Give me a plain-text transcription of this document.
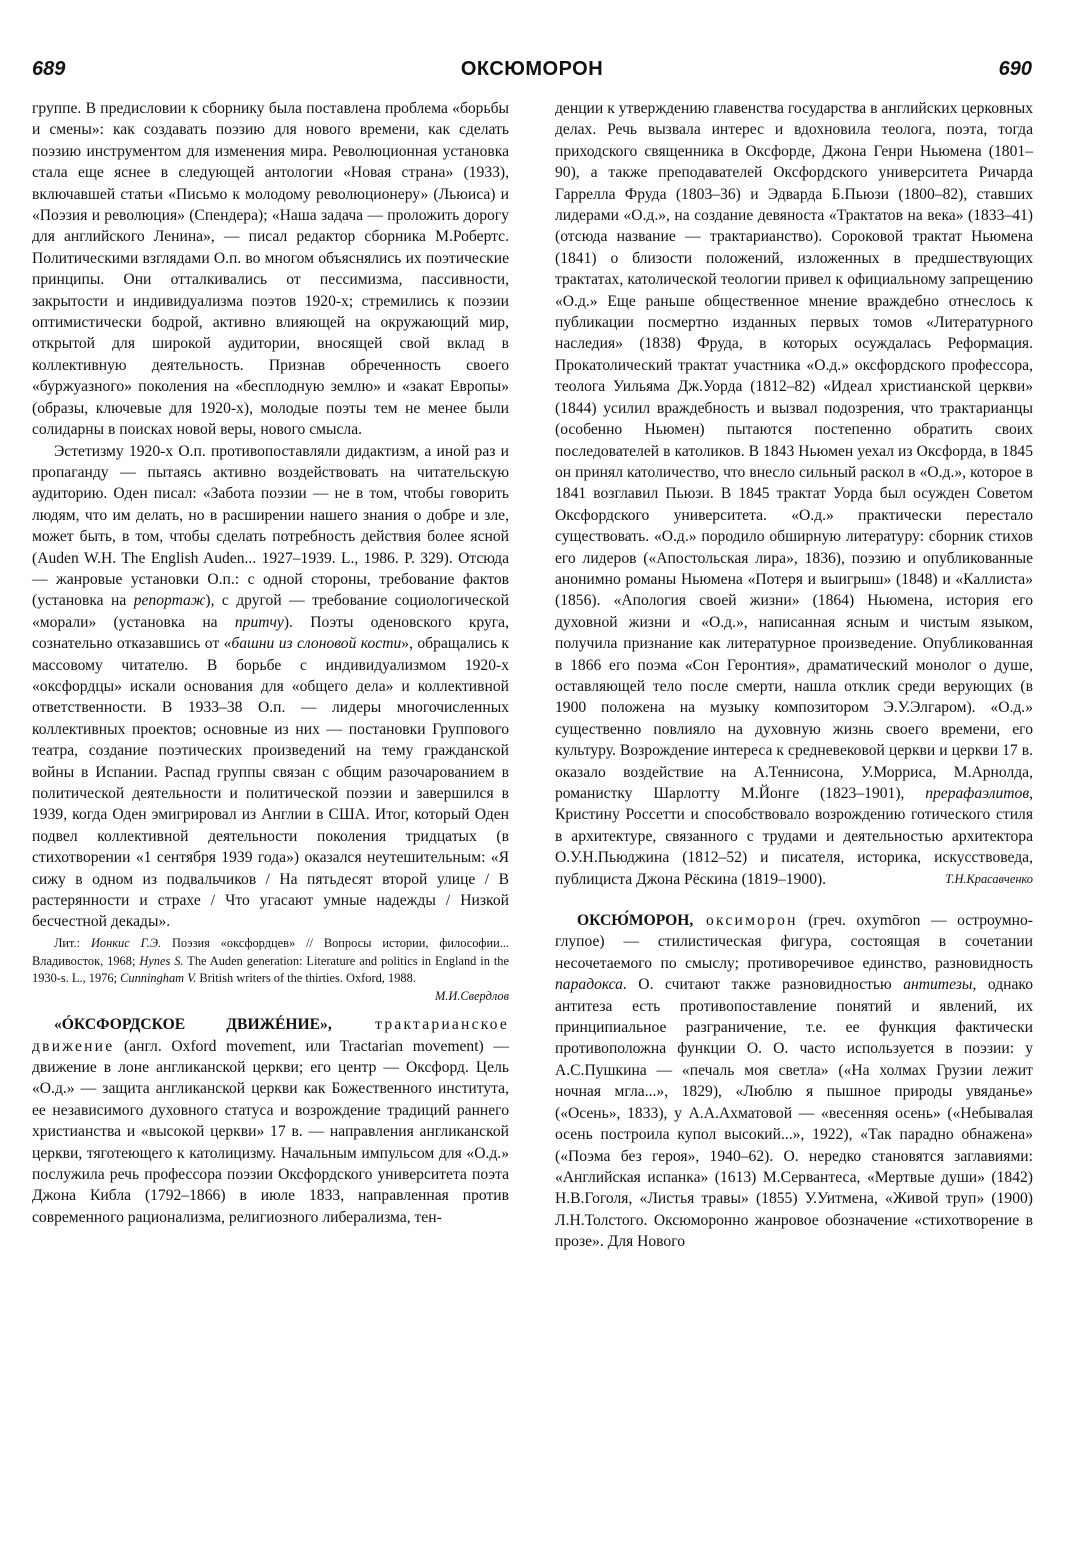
689	ОКСЮМОРОН	690

группе. В предисловии к сборнику была поставлена проблема «борьбы и смены»: как создавать поэзию для нового времени, как сделать поэзию инструментом для изменения мира. Революционная установка стала еще яснее в следующей антологии «Новая страна» (1933), включавшей статьи «Письмо к молодому революционеру» (Льюиса) и «Поэзия и революция» (Спендера); «Наша задача — проложить дорогу для английского Ленина», — писал редактор сборника М.Робертс. Политическими взглядами О.п. во многом объяснялись их поэтические принципы. Они отталкивались от пессимизма, пассивности, закрытости и индивидуализма поэтов 1920-х; стремились к поэзии оптимистически бодрой, активно влияющей на окружающий мир, открытой для широкой аудитории, вносящей свой вклад в коллективную деятельность. Признав обреченность своего «буржуазного» поколения на «бесплодную землю» и «закат Европы» (образы, ключевые для 1920-х), молодые поэты тем не менее были солидарны в поисках новой веры, нового смысла.

Эстетизму 1920-х О.п. противопоставляли дидактизм, а иной раз и пропаганду — пытаясь активно воздействовать на читательскую аудиторию. Оден писал: «Забота поэзии — не в том, чтобы говорить людям, что им делать, но в расширении нашего знания о добре и зле, может быть, в том, чтобы сделать потребность действия более ясной (Auden W.H. The English Auden... 1927–1939. L., 1986. P. 329). Отсюда — жанровые установки О.п.: с одной стороны, требование фактов (установка на репортаж), с другой — требование социологической «морали» (установка на притчу). Поэты оденовского круга, сознательно отказавшись от «башни из слоновой кости», обращались к массовому читателю. В борьбе с индивидуализмом 1920-х «оксфордцы» искали основания для «общего дела» и коллективной ответственности. В 1933–38 О.п. — лидеры многочисленных коллективных проектов; основные из них — постановки Группового театра, создание поэтических произведений на тему гражданской войны в Испании. Распад группы связан с общим разочарованием в политической деятельности и политической поэзии и завершился в 1939, когда Оден эмигрировал из Англии в США. Итог, который Оден подвел коллективной деятельности поколения тридцатых (в стихотворении «1 сентября 1939 года») оказался неутешительным: «Я сижу в одном из подвальчиков / На пятьдесят второй улице / В растерянности и страхе / Что угасают умные надежды / Низкой бесчестной декады».

Лит.: Ионкис Г.Э. Поэзия «оксфордцев» // Вопросы истории, философии... Владивосток, 1968; Hynes S. The Auden generation: Literature and politics in England in the 1930-s. L., 1976; Cunningham V. British writers of the thirties. Oxford, 1988.
М.И.Свердлов

«ÓКСФОРДСКОЕ ДВИЖÉНИЕ», трактарианское движение (англ. Oxford movement, или Tractarian movement) — движение в лоне англиканской церкви; его центр — Оксфорд. Цель «О.д.» — защита англиканской церкви как Божественного института, ее независимого духовного статуса и возрождение традиций раннего христианства и «высокой церкви» 17 в. — направления англиканской церкви, тяготеющего к католицизму. Начальным импульсом для «О.д.» послужила речь профессора поэзии Оксфордского университета поэта Джона Кибла (1792–1866) в июле 1833, направленная против современного рационализма, религиозного либерализма, тен-

денции к утверждению главенства государства в английских церковных делах. Речь вызвала интерес и вдохновила теолога, поэта, тогда приходского священника в Оксфорде, Джона Генри Ньюмена (1801–90), а также преподавателей Оксфордского университета Ричарда Гаррелла Фруда (1803–36) и Эдварда Б.Пьюзи (1800–82), ставших лидерами «О.д.», на создание девяноста «Трактатов на века» (1833–41) (отсюда название — трактарианство). Сороковой трактат Ньюмена (1841) о близости положений, изложенных в предшествующих трактатах, католической теологии привел к официальному запрещению «О.д.» Еще раньше общественное мнение враждебно отнеслось к публикации посмертно изданных первых томов «Литературного наследия» (1838) Фруда, в которых осуждалась Реформация. Прокатолический трактат участника «О.д.» оксфордского профессора, теолога Уильяма Дж.Уорда (1812–82) «Идеал христианской церкви» (1844) усилил враждебность и вызвал подозрения, что трактарианцы (особенно Ньюмен) пытаются постепенно обратить своих последователей в католиков. В 1843 Ньюмен уехал из Оксфорда, в 1845 он принял католичество, что внесло сильный раскол в «О.д.», которое в 1841 возглавил Пьюзи. В 1845 трактат Уорда был осужден Советом Оксфордского университета. «О.д.» практически перестало существовать. «О.д.» породило обширную литературу: сборник стихов его лидеров («Апостольская лира», 1836), поэзию и опубликованные анонимно романы Ньюмена «Потеря и выигрыш» (1848) и «Каллиста» (1856). «Апология своей жизни» (1864) Ньюмена, история его духовной жизни и «О.д.», написанная ясным и чистым языком, получила признание как литературное произведение. Опубликованная в 1866 его поэма «Сон Геронтия», драматический монолог о душе, оставляющей тело после смерти, нашла отклик среди верующих (в 1900 положена на музыку композитором Э.У.Элгаром). «О.д.» существенно повлияло на духовную жизнь своего времени, его культуру. Возрождение интереса к средневековой церкви и церкви 17 в. оказало воздействие на А.Теннисона, У.Морриса, М.Арнолда, романистку Шарлотту М.Йонге (1823–1901), прерафаэлитов, Кристину Россетти и способствовало возрождению готического стиля в архитектуре, связанного с трудами и деятельностью архитектора О.У.Н.Пьюджина (1812–52) и писателя, историка, искусствоведа, публициста Джона Рёскина (1819–1900).	Т.Н.Красавченко

ОКСЮ́МОРОН, оксиморон (греч. oxymōron — остроумно-глупое) — стилистическая фигура, состоящая в сочетании несочетаемого по смыслу; противоречивое единство, разновидность парадокса. О. считают также разновидностью антитезы, однако антитеза есть противопоставление понятий и явлений, их принципиальное разграничение, т.е. ее функция фактически противоположна функции О. О. часто используется в поэзии: у А.С.Пушкина — «печаль моя светла» («На холмах Грузии лежит ночная мгла...», 1829), «Люблю я пышное природы увяданье» («Осень», 1833), у А.А.Ахматовой — «весенняя осень» («Небывалая осень построила купол высокий...», 1922), «Так парадно обнажена» («Поэма без героя», 1940–62). О. нередко становятся заглавиями: «Английская испанка» (1613) М.Сервантеса, «Мертвые души» (1842) Н.В.Гоголя, «Листья травы» (1855) У.Уитмена, «Живой труп» (1900) Л.Н.Толстого. Оксюморонно жанровое обозначение «стихотворение в прозе». Для Нового
